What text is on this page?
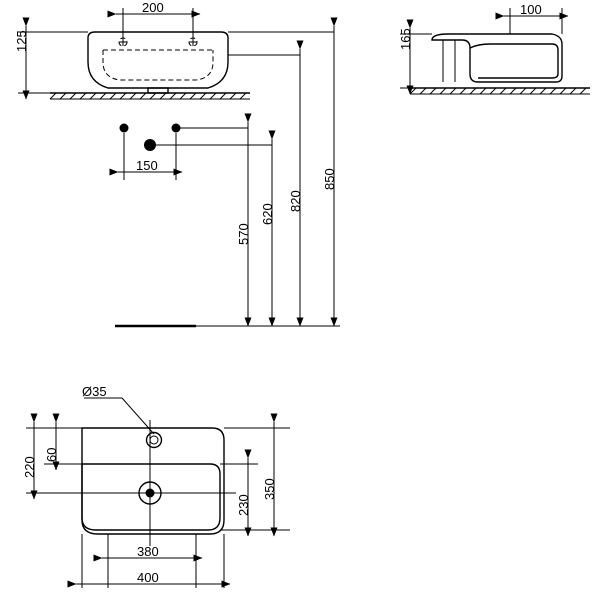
200
125
150
570
620
820
850
100
165
Ø35
220
60
230
350
380
400
